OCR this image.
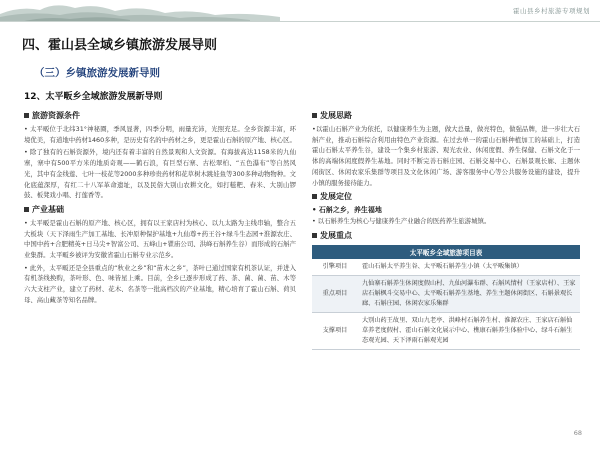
霍山县乡村旅游专项规划
四、霍山县全域乡镇旅游发展导则
（三）乡镇旅游发展新导则
12、太平畈乡全域旅游发展新导则
旅游资源条件

• 太平畈位于北纬31°神秘圈，季风显著，四季分明，雨量充沛，光照充足。全乡资源丰富，环境优美，有道地中药材1460多种，是历史有名的中药材之乡，更是霍山石斛的原产地、核心区。

• 除了独有的石斛资源外，境内还有着丰富的自然景观和人文资源。有海拔高达1158米的九仙寨，寨中有500平方米的地质奇观——鹤石浪，有巨型石寨、古松翠柏、“五色瀑布”等自然风光，其中有金线莲、七叶一枝花等2000多种珍贵药材和花草树木跳娃鱼等300多种动物物种。文化底蕴深厚，有红二十八军革命遗址，以及民俗大别山农耕文化，如打糍粑、舂米、大别山锣鼓、板凳戏小唱、打莲香等。

产业基础

• 太平畈是霍山石斛的原产地、核心区，拥有以王家店村为核心、以九太路为主线串轴，整合五大板块（天下泽雨生产加工基地、长冲原种保护基地+九仙尊+药王谷+绿斗生态园+淮源农庄、中国中药+合肥精英+日马尖+智富公司、五峰山+瞿庙公司、洪峰石斛养生谷）而形成的石斛产业集群。太平畈乡被评为安徽省霍山石斛专业示范乡。

• 此外，太平畈还是全县重点的“秋业之乡”和“苗木之乡”，茶叶已通过国家有机茶认证，并进入有机茶线换购，茶叶形、色、味皆星上乘。目前，全乡已逐步形成了药、茶、菌、菌、苗、木等六大支柱产业，建立了药材、花木、名茶等一批高档次的产业基地，精心培育了霍山石斛、荷贝母、高山藏茶等知名品牌。

发展思路

•以霍山石斛产业为依托，以健康养生为主题，做大总量，做亮特色，做强品牌，进一步壮大石斛产业，推动石斛综合利用由特色产业资源。在过去单一的霍山石斛种植加工的基础上，打造霍山石斛太平养生谷，建设一个集乡村旅游、观光农业、休闲度假、养生保健、石斛文化于一体的高端休闲度假养生基地。同时不断完善石斛庄园、石斛交易中心、石斛景观长廊、主题休闲街区、休闲农家乐集群等项目及文化休闲广场、游客服务中心等公共服务设施的建设，提升小镇的服务接待能力。

发展定位
• 石斛之乡，养生福地

• 以石斛养生为核心与健康养生产业融合的医药养生旅游城镇。

发展重点
太平畈乡全域旅游项目表	
引擎项目	霍山石斛太平养生谷、太平畈石斛养生小镇（太平畈集镇）
重点项目	九仙寨石斛养生休闲度假山村、九仙河瀑布群、石斛风情村（王家店村）、王家店石斛枫斗交易中心、太平畈石斛养生基地、养生主题休闲街区、石斛景观长廊、石斛庄园、休闲农家乐集群
支撑项目	大别山药王故里、双山九老亭、洪峰村石斛养生村、淮源农庄、王家店石斛仙草养老度假村、霍山石斛文化展示中心、樵康石斛养生体验中心、绿斗石斛生态观光园、天下泽雨石斛观光园
68
